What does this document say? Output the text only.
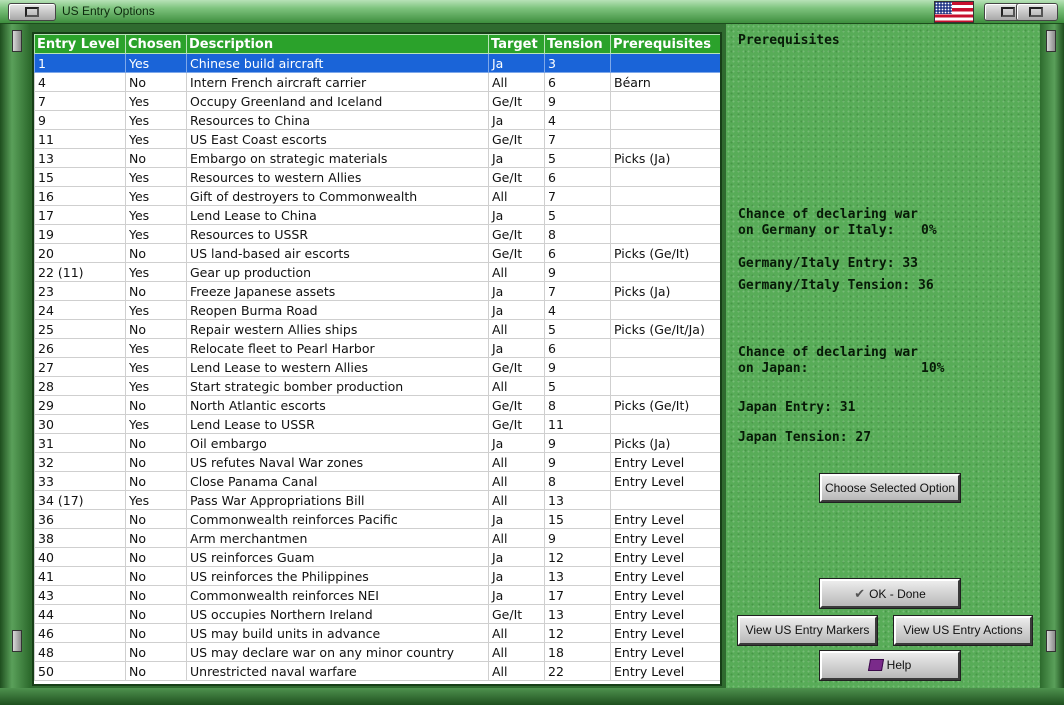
US Entry Options
Entry Level	Chosen	Description	Target	Tension	Prerequisites
1	Yes	Chinese build aircraft	Ja	3	
4	No	Intern French aircraft carrier	All	6	Béarn
7	Yes	Occupy Greenland and Iceland	Ge/It	9	
9	Yes	Resources to China	Ja	4	
11	Yes	US East Coast escorts	Ge/It	7	
13	No	Embargo on strategic materials	Ja	5	Picks (Ja)
15	Yes	Resources to western Allies	Ge/It	6	
16	Yes	Gift of destroyers to Commonwealth	All	7	
17	Yes	Lend Lease to China	Ja	5	
19	Yes	Resources to USSR	Ge/It	8	
20	No	US land-based air escorts	Ge/It	6	Picks (Ge/It)
22 (11)	Yes	Gear up production	All	9	
23	No	Freeze Japanese assets	Ja	7	Picks (Ja)
24	Yes	Reopen Burma Road	Ja	4	
25	No	Repair western Allies ships	All	5	Picks (Ge/It/Ja)
26	Yes	Relocate fleet to Pearl Harbor	Ja	6	
27	Yes	Lend Lease to western Allies	Ge/It	9	
28	Yes	Start strategic bomber production	All	5	
29	No	North Atlantic escorts	Ge/It	8	Picks (Ge/It)
30	Yes	Lend Lease to USSR	Ge/It	11	
31	No	Oil embargo	Ja	9	Picks (Ja)
32	No	US refutes Naval War zones	All	9	Entry Level
33	No	Close Panama Canal	All	8	Entry Level
34 (17)	Yes	Pass War Appropriations Bill	All	13	
36	No	Commonwealth reinforces Pacific	Ja	15	Entry Level
38	No	Arm merchantmen	All	9	Entry Level
40	No	US reinforces Guam	Ja	12	Entry Level
41	No	US reinforces the Philippines	Ja	13	Entry Level
43	No	Commonwealth reinforces NEI	Ja	17	Entry Level
44	No	US occupies Northern Ireland	Ge/It	13	Entry Level
46	No	US may build units in advance	All	12	Entry Level
48	No	US may declare war on any minor country	All	18	Entry Level
50	No	Unrestricted naval warfare	All	22	Entry Level
Prerequisites
Chance of declaring war
on Germany or Italy: 0%
Germany/Italy Entry: 33
Germany/Italy Tension: 36
Chance of declaring war
on Japan:	10%
Japan Entry: 31
Japan Tension: 27
Choose Selected Option
✔ OK - Done
View US Entry Markers	View US Entry Actions
Help
